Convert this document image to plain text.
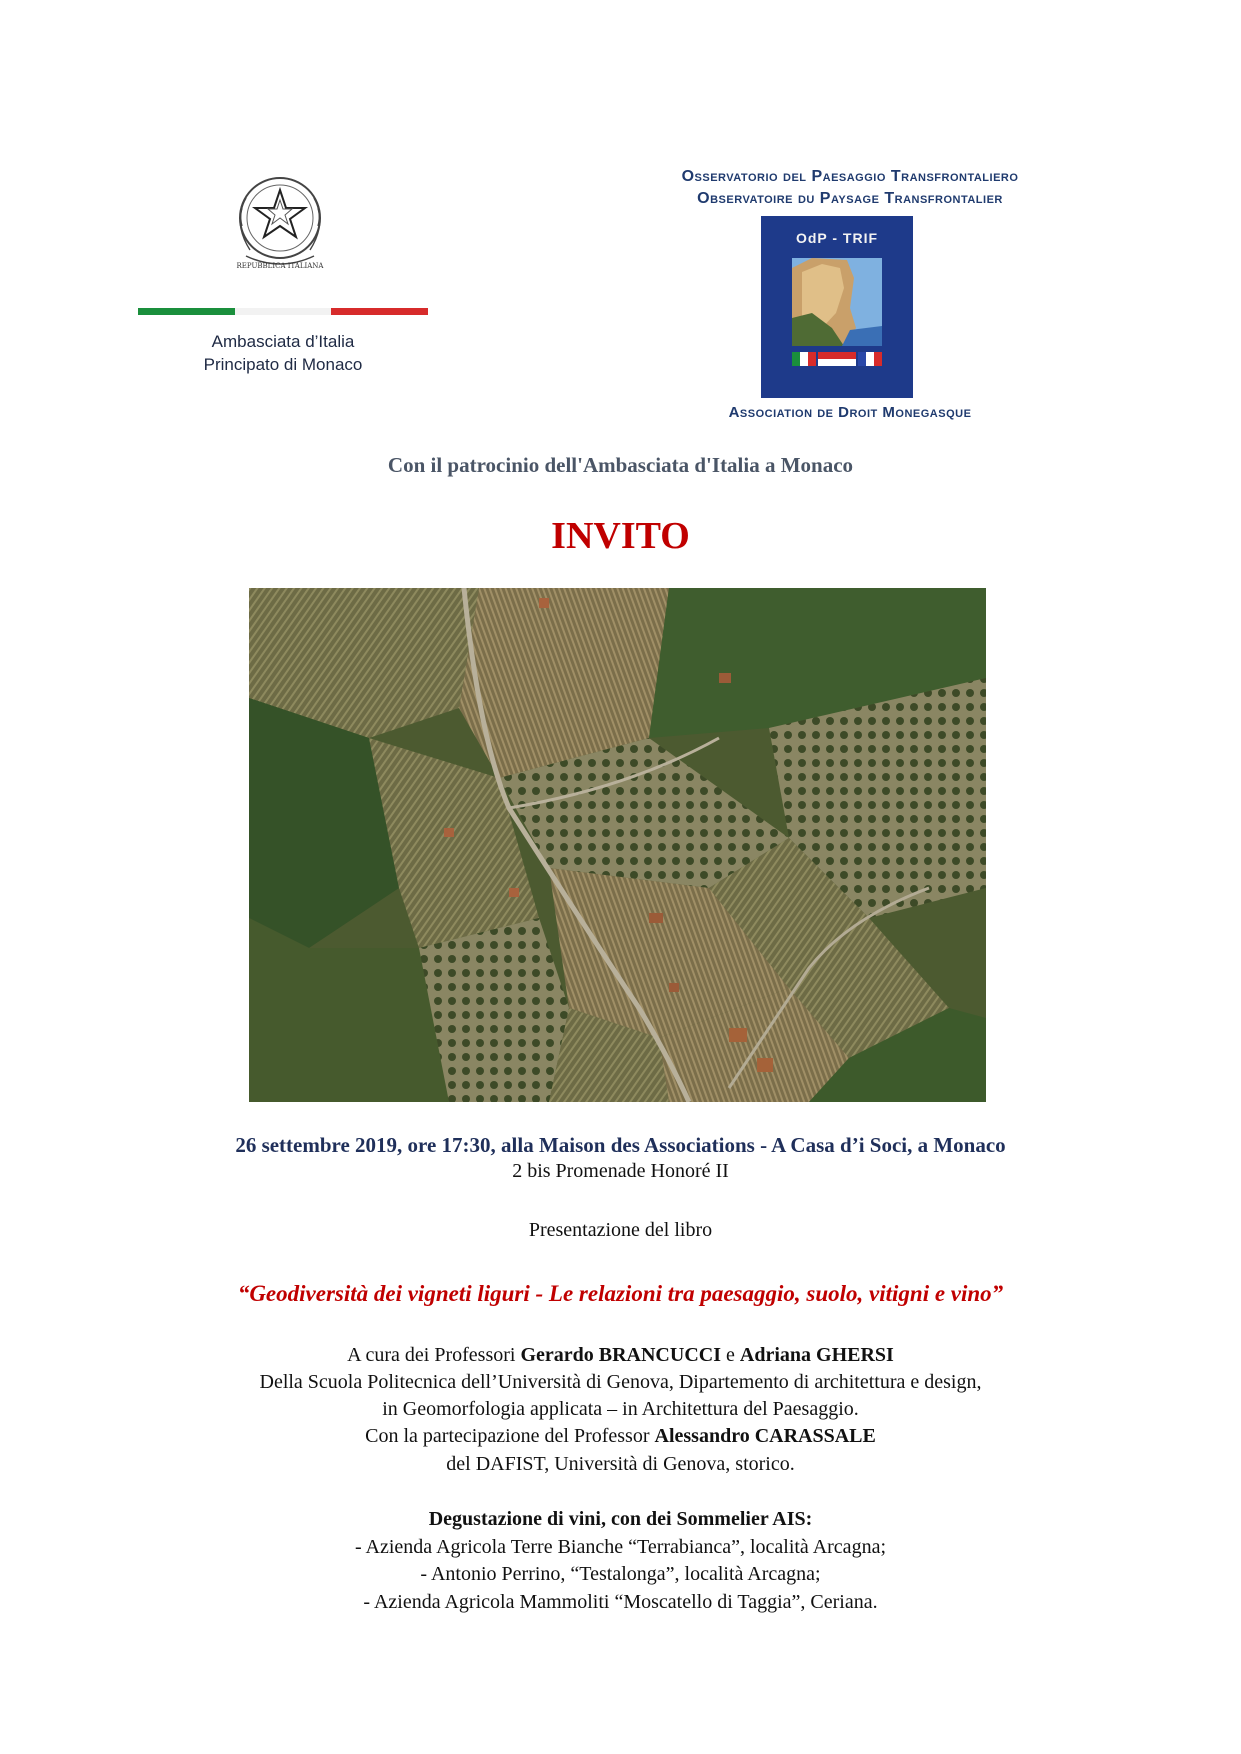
REPUBBLICA ITALIANA
Ambasciata d’Italia
Principato di Monaco
Osservatorio del Paesaggio Transfrontaliero
Observatoire du Paysage Transfrontalier
OdP - TRIF
Association de Droit Monegasque
Con il patrocinio dell'Ambasciata d'Italia a Monaco
INVITO
26 settembre 2019, ore 17:30, alla Maison des Associations - A Casa d’i Soci, a Monaco
2 bis Promenade Honoré II
Presentazione del libro
“Geodiversità dei vigneti liguri - Le relazioni tra paesaggio, suolo, vitigni e vino”
A cura dei Professori Gerardo BRANCUCCI e Adriana GHERSI
Della Scuola Politecnica dell’Università di Genova, Dipartemento di architettura e design,
in Geomorfologia applicata – in Architettura del Paesaggio.
Con la partecipazione del Professor Alessandro CARASSALE
del DAFIST, Università di Genova, storico.
Degustazione di vini, con dei Sommelier AIS:
- Azienda Agricola Terre Bianche “Terrabianca”, località Arcagna;
- Antonio Perrino, “Testalonga”, località Arcagna;
- Azienda Agricola Mammoliti “Moscatello di Taggia”, Ceriana.
